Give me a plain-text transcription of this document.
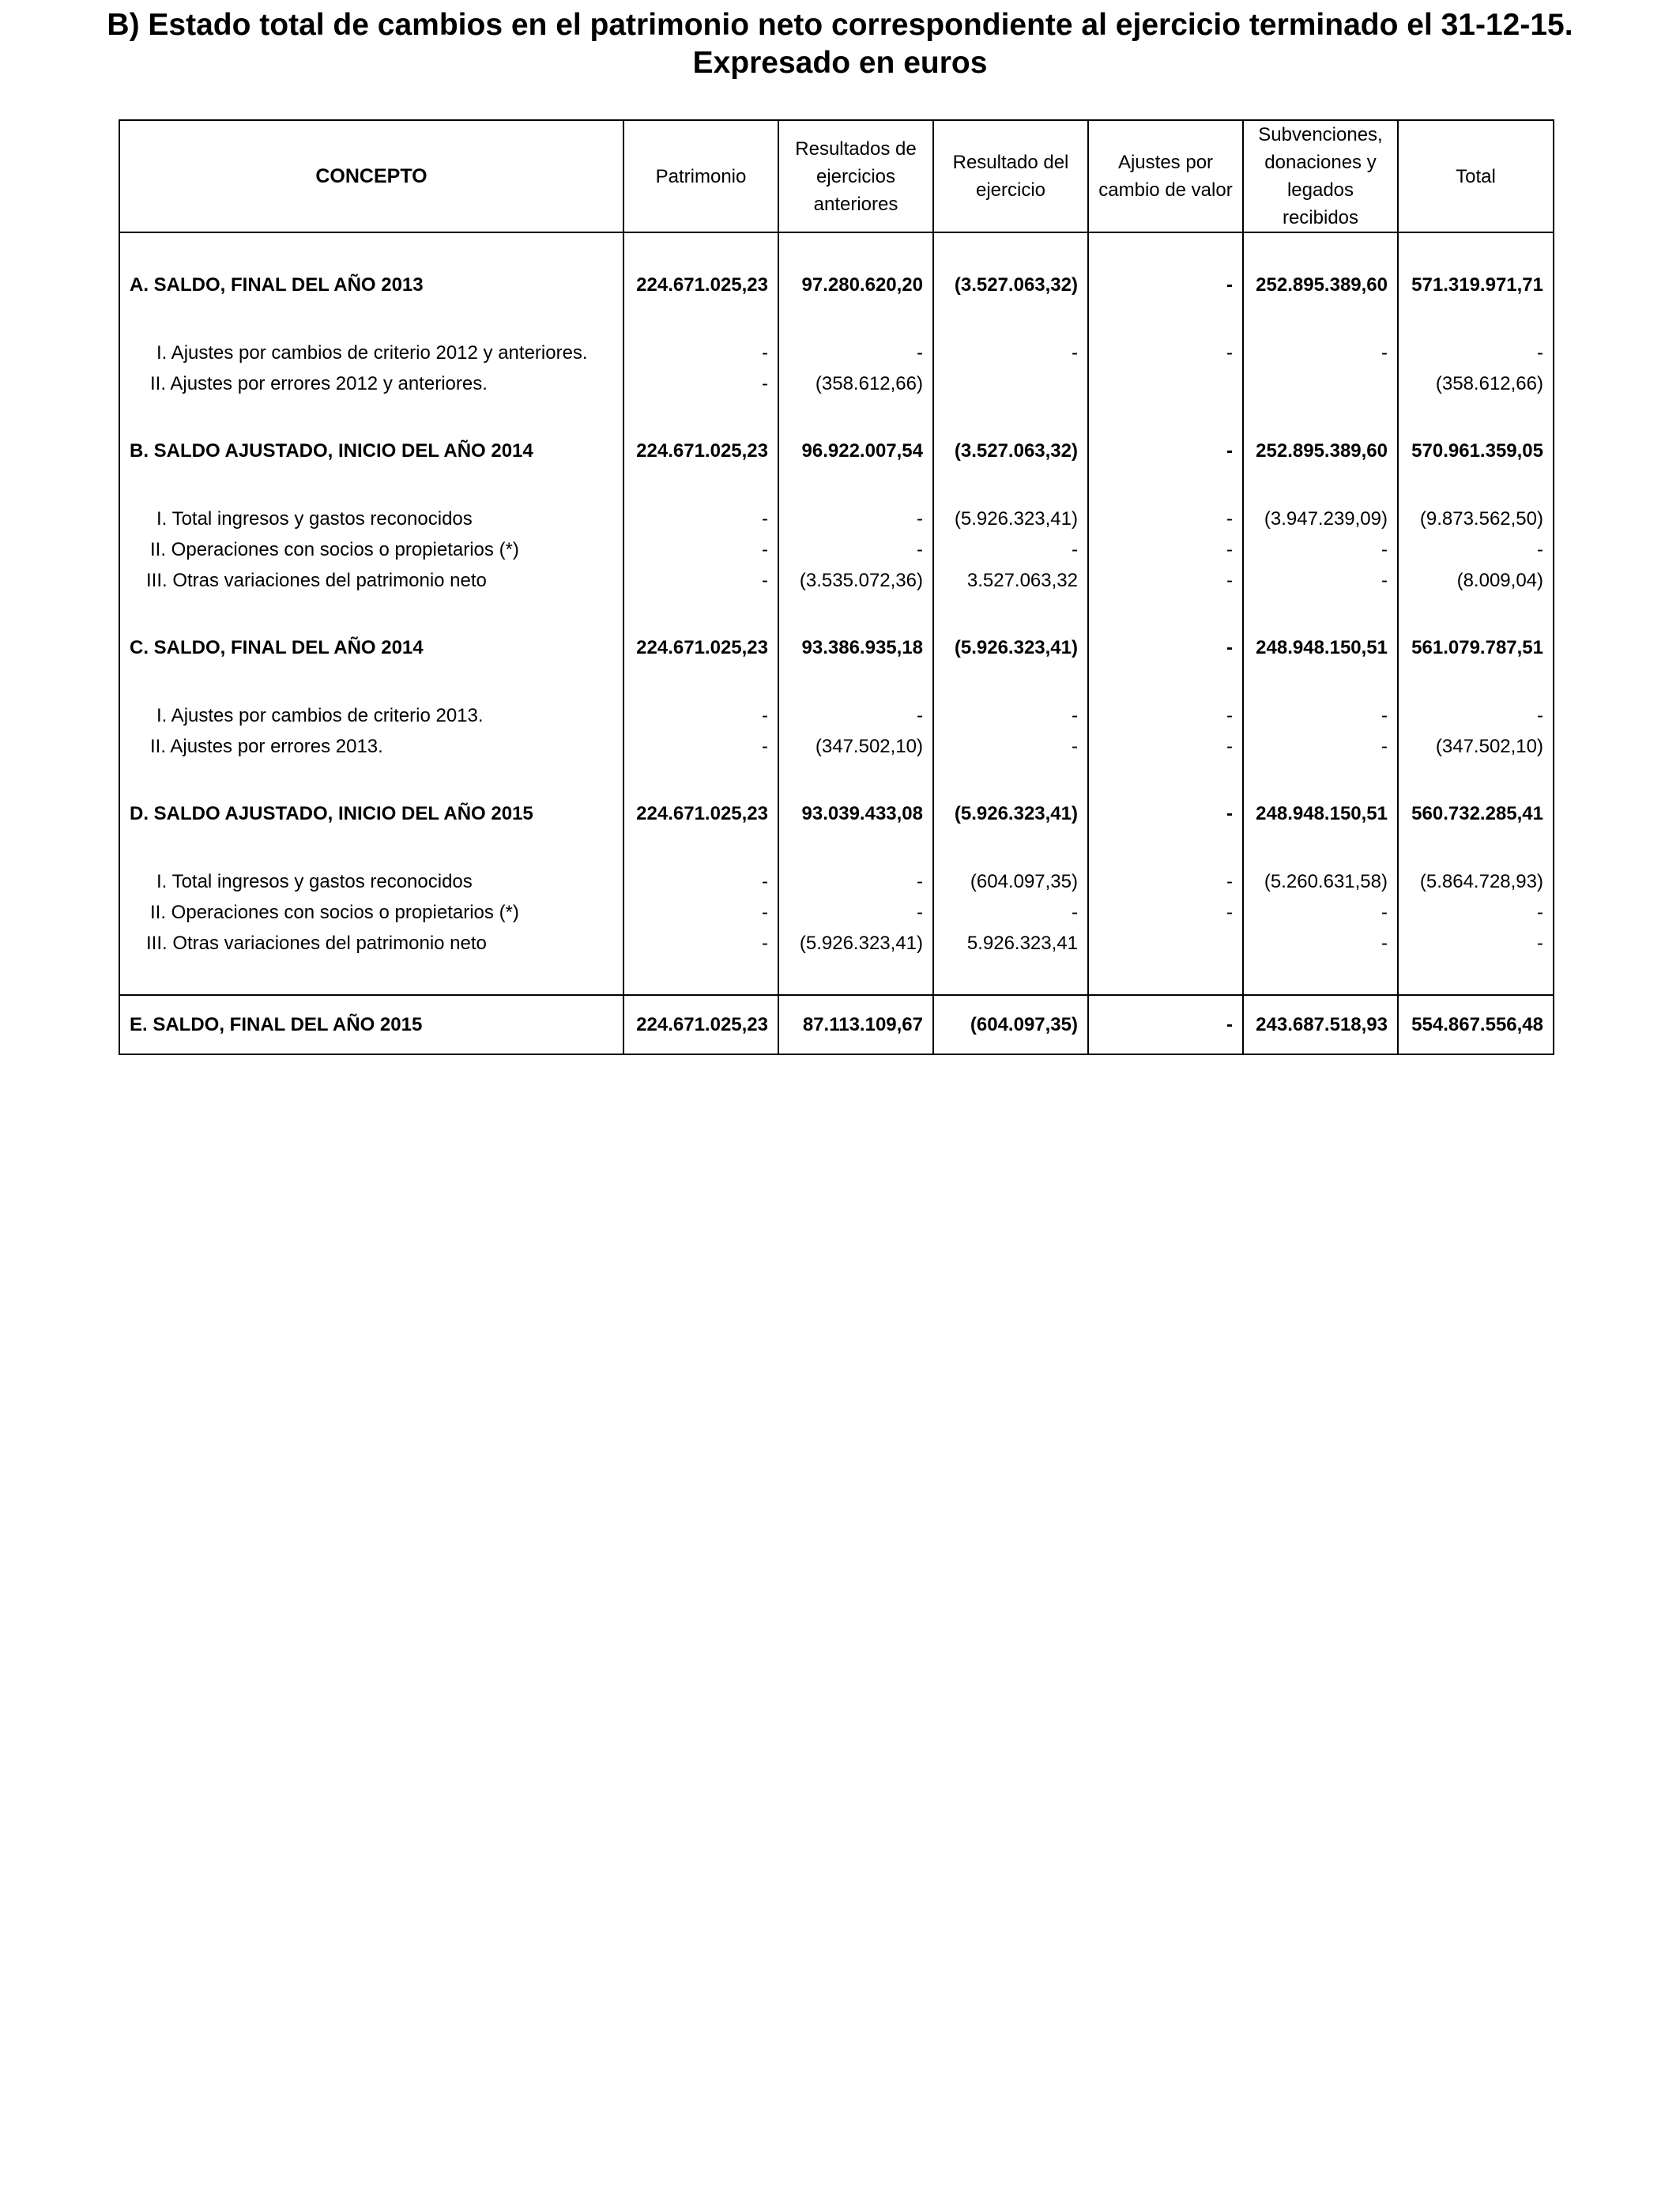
B) Estado total de cambios en el patrimonio neto correspondiente al ejercicio terminado el 31-12-15.
Expresado en euros
CONCEPTO	Patrimonio	Resultados de ejercicios anteriores	Resultado del ejercicio	Ajustes por cambio de valor	Subvenciones, donaciones y legados recibidos	Total

A. SALDO, FINAL DEL AÑO 2013	224.671.025,23	97.280.620,20	(3.527.063,32)	-	252.895.389,60	571.319.971,71

I. Ajustes por cambios de criterio 2012 y anteriores.	-	-	-	-	-	-
II. Ajustes por errores 2012 y anteriores.	-	(358.612,66)				(358.612,66)

B. SALDO AJUSTADO, INICIO DEL AÑO 2014	224.671.025,23	96.922.007,54	(3.527.063,32)	-	252.895.389,60	570.961.359,05

I. Total ingresos y gastos reconocidos	-	-	(5.926.323,41)	-	(3.947.239,09)	(9.873.562,50)
II. Operaciones con socios o propietarios (*)	-	-	-	-	-	-
III. Otras variaciones del patrimonio neto	-	(3.535.072,36)	3.527.063,32	-	-	(8.009,04)

C. SALDO, FINAL DEL AÑO 2014	224.671.025,23	93.386.935,18	(5.926.323,41)	-	248.948.150,51	561.079.787,51

I. Ajustes por cambios de criterio 2013.	-	-	-	-	-	-
II. Ajustes por errores 2013.	-	(347.502,10)	-	-	-	(347.502,10)

D. SALDO AJUSTADO, INICIO DEL AÑO 2015	224.671.025,23	93.039.433,08	(5.926.323,41)	-	248.948.150,51	560.732.285,41

I. Total ingresos y gastos reconocidos	-	-	(604.097,35)	-	(5.260.631,58)	(5.864.728,93)
II. Operaciones con socios o propietarios (*)	-	-	-	-	-	-
III. Otras variaciones del patrimonio neto	-	(5.926.323,41)	5.926.323,41		-	-

E. SALDO, FINAL DEL AÑO 2015	224.671.025,23	87.113.109,67	(604.097,35)	-	243.687.518,93	554.867.556,48
